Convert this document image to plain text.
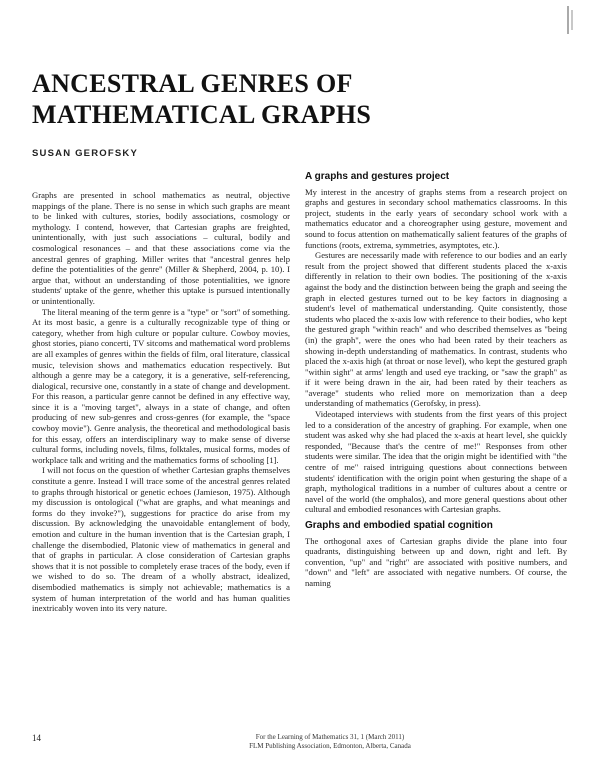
ANCESTRAL GENRES OF MATHEMATICAL GRAPHS
SUSAN GEROFSKY

Graphs are presented in school mathematics as neutral, objective mappings of the plane. There is no sense in which such graphs are meant to be linked with cultures, stories, bodily associations, cosmology or mythology. I contend, however, that Cartesian graphs are freighted, unintentionally, with just such associations – cultural, bodily and cosmological resonances – and that these associations come via the ancestral genres of graphing. Miller writes that "ancestral genres help define the potentialities of the genre" (Miller & Shepherd, 2004, p. 10). I argue that, without an understanding of those potentialities, we ignore students' uptake of the genre, whether this uptake is pursued intentionally or unintentionally.

The literal meaning of the term genre is a "type" or "sort" of something. At its most basic, a genre is a culturally recognizable type of thing or category, whether from high culture or popular culture. Cowboy movies, ghost stories, piano concerti, TV sitcoms and mathematical word problems are all examples of genres within the fields of film, oral literature, classical music, television shows and mathematics education respectively. But although a genre may be a category, it is a generative, self-referencing, dialogical, recursive one, constantly in a state of change and development. For this reason, a particular genre cannot be defined in any effective way, since it is a "moving target", always in a state of change, and often producing of new sub-genres and cross-genres (for example, the "space cowboy movie"). Genre analysis, the theoretical and methodological basis for this essay, offers an interdisciplinary way to make sense of diverse cultural forms, including novels, films, folktales, musical forms, modes of workplace talk and writing and the mathematics forms of schooling [1].

I will not focus on the question of whether Cartesian graphs themselves constitute a genre. Instead I will trace some of the ancestral genres related to graphs through historical or genetic echoes (Jamieson, 1975). Although my discussion is ontological ("what are graphs, and what meanings and forms do they invoke?"), suggestions for practice do arise from my discussion. By acknowledging the unavoidable entanglement of body, emotion and culture in the human invention that is the Cartesian graph, I challenge the disembodied, Platonic view of mathematics in general and that of graphs in particular. A close consideration of Cartesian graphs shows that it is not possible to completely erase traces of the body, even if we wished to do so. The dream of a wholly abstract, idealized, disembodied mathematics is simply not achievable; mathematics is a system of human interpretation of the world and has human qualities inextricably woven into its very nature.

A graphs and gestures project

My interest in the ancestry of graphs stems from a research project on graphs and gestures in secondary school mathematics classrooms. In this project, students in the early years of secondary school work with a mathematics educator and a choreographer using gesture, movement and sound to focus attention on mathematically salient features of the graphs of functions (roots, extrema, symmetries, asymptotes, etc.).

Gestures are necessarily made with reference to our bodies and an early result from the project showed that different students placed the x-axis differently in relation to their own bodies. The positioning of the x-axis against the body and the distinction between being the graph and seeing the graph in elected gestures turned out to be key factors in diagnosing a student's level of mathematical understanding. Quite consistently, those students who placed the x-axis low with reference to their bodies, who kept the gestured graph "within reach" and who described themselves as "being (in) the graph", were the ones who had been rated by their teachers as showing in-depth understanding of mathematics. In contrast, students who placed the x-axis high (at throat or nose level), who kept the gestured graph "within sight" at arms' length and used eye tracking, or "saw the graph" as if it were being drawn in the air, had been rated by their teachers as "average" students who relied more on memorization than a deep understanding of mathematics (Gerofsky, in press).

Videotaped interviews with students from the first years of this project led to a consideration of the ancestry of graphing. For example, when one student was asked why she had placed the x-axis at heart level, she quickly responded, "Because that's the centre of me!" Responses from other students were similar. The idea that the origin might be identified with "the centre of me" raised intriguing questions about connections between students' identification with the origin point when gesturing the shape of a graph, mythological traditions in a number of cultures about a centre or navel of the world (the omphalos), and more general questions about other cultural and embodied resonances with Cartesian graphs.

Graphs and embodied spatial cognition

The orthogonal axes of Cartesian graphs divide the plane into four quadrants, distinguishing between up and down, right and left. By convention, "up" and "right" are associated with positive numbers, and "down" and "left" are associated with negative numbers. Of course, the naming

14	For the Learning of Mathematics 31, 1 (March 2011)
FLM Publishing Association, Edmonton, Alberta, Canada
